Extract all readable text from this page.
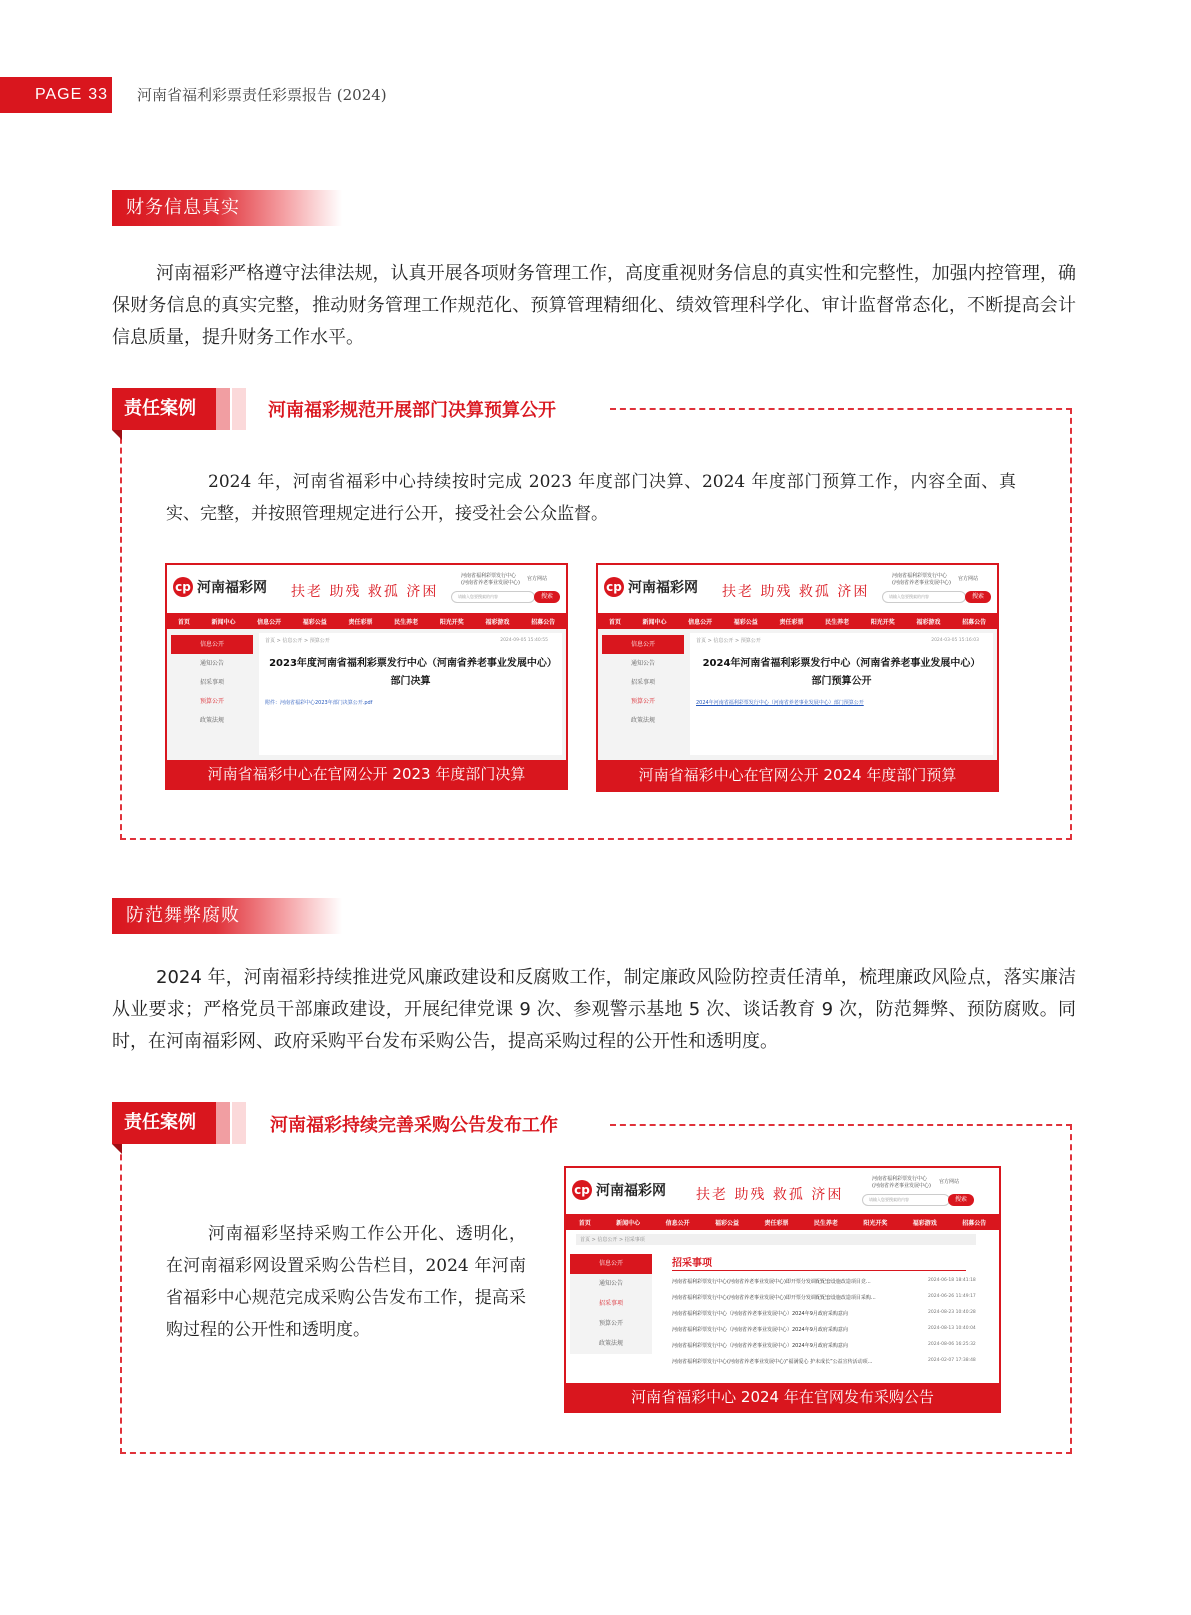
PAGE 33 河南省福利彩票责任彩票报告 (2024)
财务信息真实
河南福彩严格遵守法律法规，认真开展各项财务管理工作，高度重视财务信息的真实性和完整性，加强内控管理，确保财务信息的真实完整，推动财务管理工作规范化、预算管理精细化、绩效管理科学化、审计监督常态化，不断提高会计信息质量，提升财务工作水平。
责任案例	河南福彩规范开展部门决算预算公开
2024 年，河南省福彩中心持续按时完成 2023 年度部门决算、2024 年度部门预算工作，内容全面、真实、完整，并按照管理规定进行公开，接受社会公众监督。
cp 河南福彩网 扶老 助残 救孤 济困
河南省福利彩票发行中心
(河南省养老事业发展中心)
官方网站
请输入您要搜索的内容	搜索
首页	新闻中心	信息公开	福彩公益	责任彩票	民生养老	阳光开奖	福彩游戏	招募公告
信息公开
通知公告
招采事项
预算公开
政策法规
首页 > 信息公开 > 预算公开	2024-09-05 15:40:55
2023年度河南省福利彩票发行中心（河南省养老事业发展中心）部门决算
附件：河南省福彩中心2023年部门决算公开.pdf
河南省福彩中心在官网公开 2023 年度部门决算
cp 河南福彩网 扶老 助残 救孤 济困
河南省福利彩票发行中心
(河南省养老事业发展中心)
官方网站
请输入您要搜索的内容	搜索
首页	新闻中心	信息公开	福彩公益	责任彩票	民生养老	阳光开奖	福彩游戏	招募公告
信息公开
通知公告
招采事项
预算公开
政策法规
首页 > 信息公开 > 预算公开	2024-03-05 15:16:03
2024年河南省福利彩票发行中心（河南省养老事业发展中心）部门预算公开
2024年河南省福利彩票发行中心（河南省养老事业发展中心）部门预算公开
河南省福彩中心在官网公开 2024 年度部门预算
防范舞弊腐败
2024 年，河南福彩持续推进党风廉政建设和反腐败工作，制定廉政风险防控责任清单，梳理廉政风险点，落实廉洁从业要求；严格党员干部廉政建设，开展纪律党课 9 次、参观警示基地 5 次、谈话教育 9 次，防范舞弊、预防腐败。同时，在河南福彩网、政府采购平台发布采购公告，提高采购过程的公开性和透明度。
责任案例	河南福彩持续完善采购公告发布工作
河南福彩坚持采购工作公开化、透明化，在河南福彩网设置采购公告栏目，2024 年河南省福彩中心规范完成采购公告发布工作，提高采购过程的公开性和透明度。
cp 河南福彩网 扶老 助残 救孤 济困
河南省福利彩票发行中心
(河南省养老事业发展中心)
官方网站
请输入您要搜索的内容	搜索
首页	新闻中心	信息公开	福彩公益	责任彩票	民生养老	阳光开奖	福彩游戏	招募公告
首页 > 信息公开 > 招采事项
信息公开
通知公告
招采事项
预算公开
政策法规
招采事项
河南省福利彩票发行中心(河南省养老事业发展中心)即开票分发调配配套设施改造项目竞...	2024-06-18 18:41:18
河南省福利彩票发行中心(河南省养老事业发展中心)即开票分发调配配套设施改造项目采购...	2024-06-26 11:49:17
河南省福利彩票发行中心（河南省养老事业发展中心）2024年9月政府采购意向	2024-08-23 10:40:28
河南省福利彩票发行中心（河南省养老事业发展中心）2024年9月政府采购意向	2024-08-13 10:40:04
河南省福利彩票发行中心（河南省养老事业发展中心）2024年9月政府采购意向	2024-08-06 16:25:32
河南省福利彩票发行中心(河南省养老事业发展中心)“福满爱心 护未成长”公益宣传活动项...	2024-02-07 17:38:48
河南省福彩中心 2024 年在官网发布采购公告
